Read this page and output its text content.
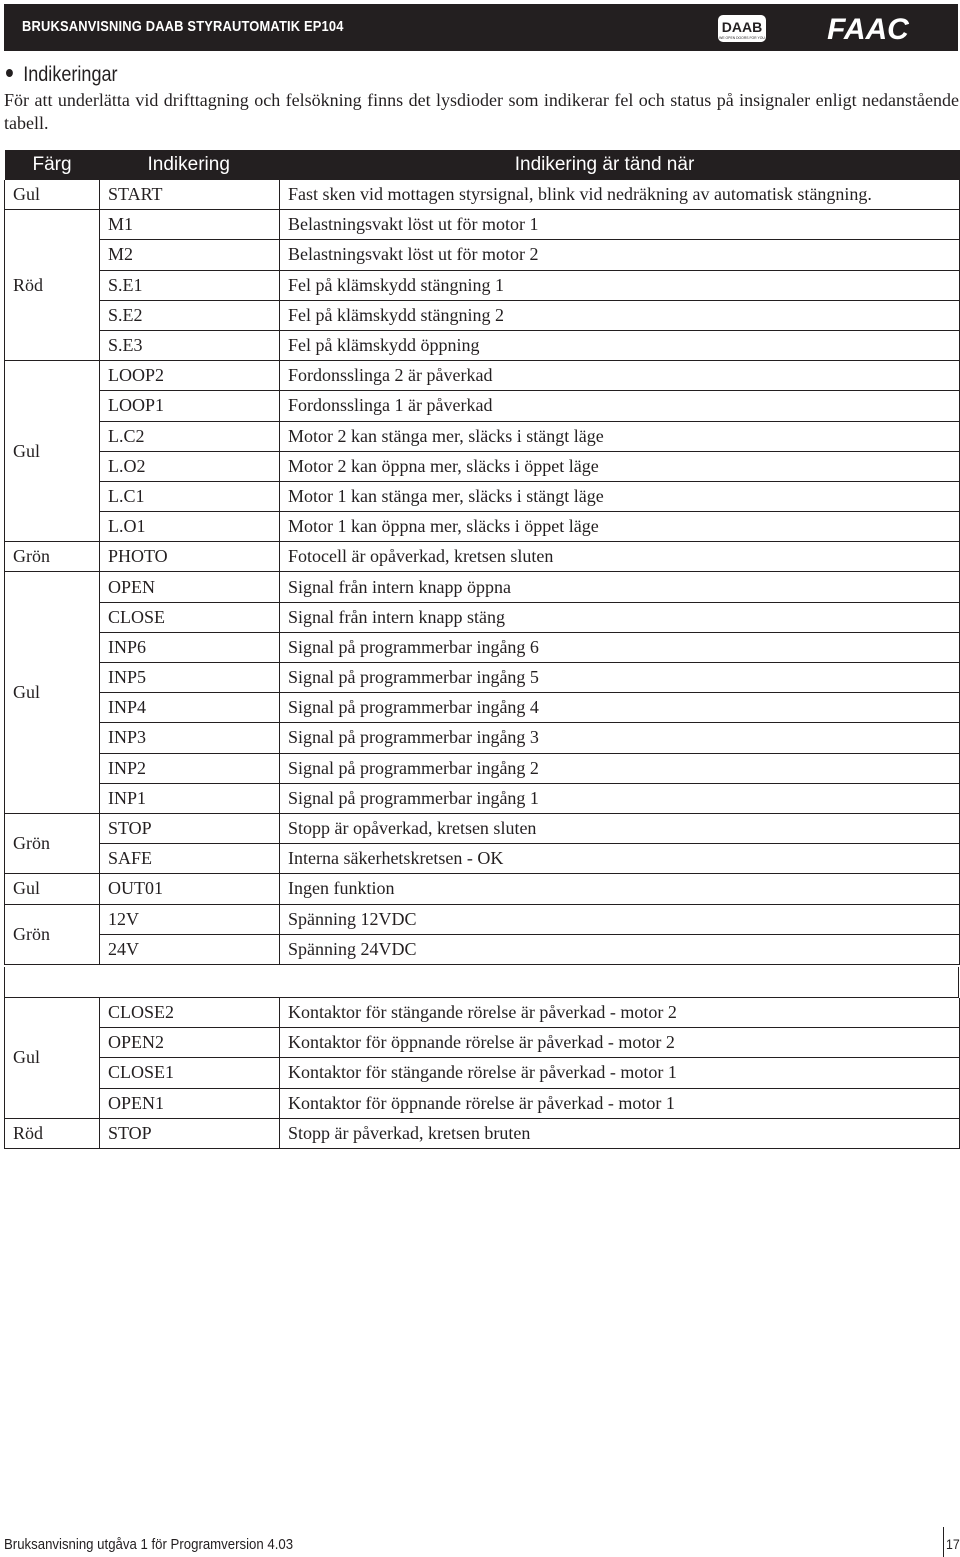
BRUKSANVISNING DAAB STYRAUTOMATIK EP104	DAAB
WE OPEN DOORS FOR YOU FAAC
Indikeringar
För att underlätta vid drifttagning och felsökning finns det lysdioder som indikerar fel och status på insignaler enligt nedanstående tabell.
Färg	Indikering	Indikering är tänd när
Gul	START	Fast sken vid mottagen styrsignal, blink vid nedräkning av automatisk stängning.
Röd	M1	Belastningsvakt löst ut för motor 1
	M2	Belastningsvakt löst ut för motor 2
	S.E1	Fel på klämskydd stängning 1
	S.E2	Fel på klämskydd stängning 2
	S.E3	Fel på klämskydd öppning
Gul	LOOP2	Fordonsslinga 2 är påverkad
	LOOP1	Fordonsslinga 1 är påverkad
	L.C2	Motor 2 kan stänga mer, släcks i stängt läge
	L.O2	Motor 2 kan öppna mer, släcks i öppet läge
	L.C1	Motor 1 kan stänga mer, släcks i stängt läge
	L.O1	Motor 1 kan öppna mer, släcks i öppet läge
Grön	PHOTO	Fotocell är opåverkad, kretsen sluten
Gul	OPEN	Signal från intern knapp öppna
	CLOSE	Signal från intern knapp stäng
	INP6	Signal på programmerbar ingång 6
	INP5	Signal på programmerbar ingång 5
	INP4	Signal på programmerbar ingång 4
	INP3	Signal på programmerbar ingång 3
	INP2	Signal på programmerbar ingång 2
	INP1	Signal på programmerbar ingång 1
Grön	STOP	Stopp är opåverkad, kretsen sluten
	SAFE	Interna säkerhetskretsen - OK
Gul	OUT01	Ingen funktion
Grön	12V	Spänning 12VDC
	24V	Spänning 24VDC
Gul	CLOSE2	Kontaktor för stängande rörelse är påverkad - motor 2
	OPEN2	Kontaktor för öppnande rörelse är påverkad - motor 2
	CLOSE1	Kontaktor för stängande rörelse är påverkad - motor 1
	OPEN1	Kontaktor för öppnande rörelse är påverkad - motor 1
Röd	STOP	Stopp är påverkad, kretsen bruten
Bruksanvisning utgåva 1 för Programversion 4.03	17
